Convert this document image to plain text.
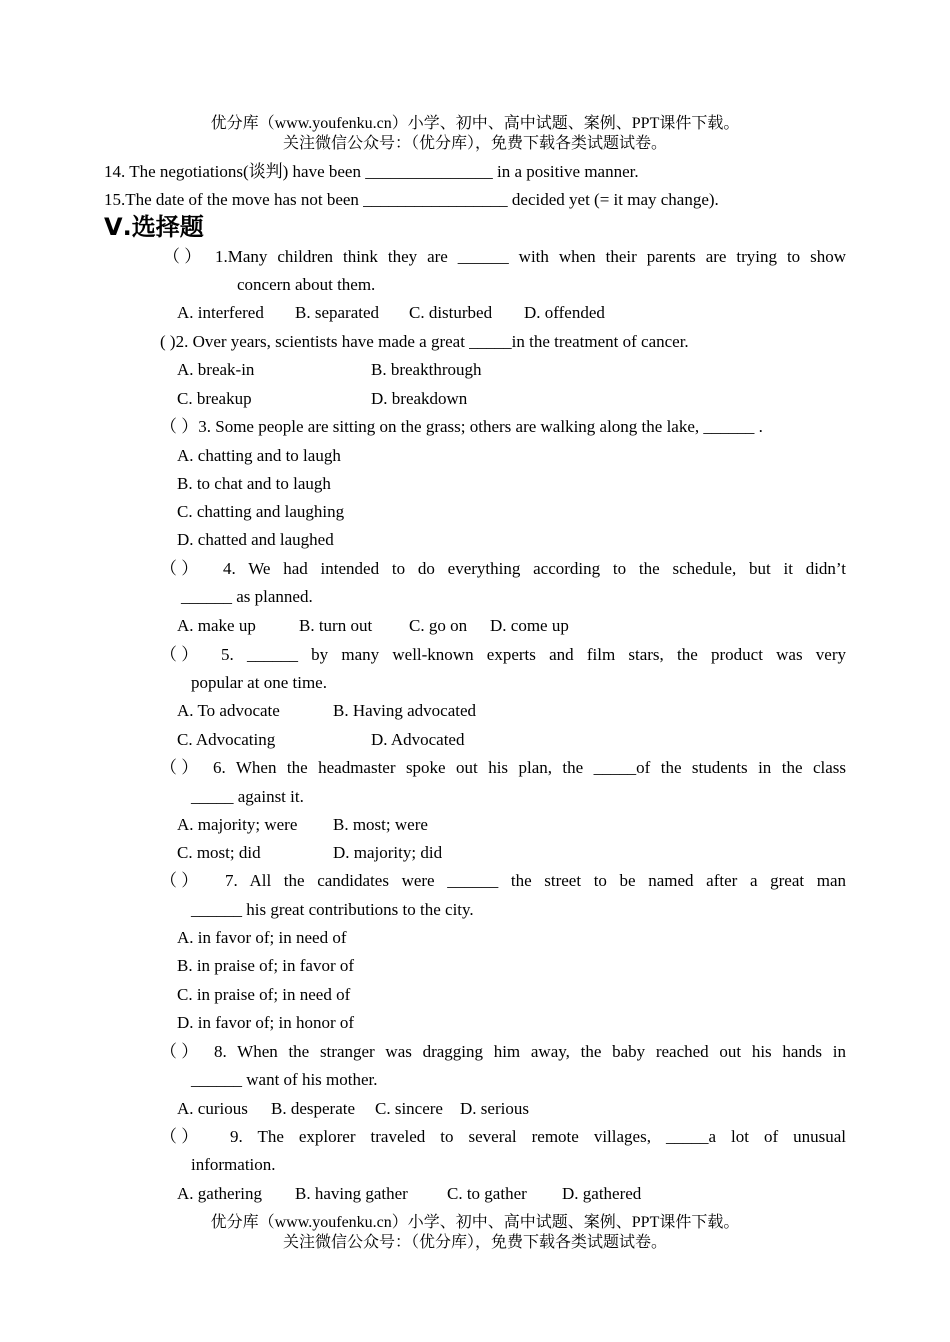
优分库（www.youfenku.cn）小学、初中、高中试题、案例、PPT课件下载。
关注微信公众号：（优分库），免费下载各类试题试卷。
14. The negotiations(谈判) have been _______________ in a positive manner.
15.The date of the move has not been _________________ decided yet (= it may change).
Ⅴ.选择题
（ ） 1.Many children think they are ______ with when their parents are trying to show
concern about them.
A. interfered B. separated C. disturbed D. offended
( )2. Over years, scientists have made a great _____in the treatment of cancer.
A. break-in	B. breakthrough
C. breakup	D. breakdown
（ ）3. Some people are sitting on the grass; others are walking along the lake, ______ .
A. chatting and to laugh
B. to chat and to laugh
C. chatting and laughing
D. chatted and laughed
（ ） 4. We had intended to do everything according to the schedule, but it didn’t
______ as planned.
A. make up	B. turn out C. go on D. come up
（ ） 5. ______ by many well-known experts and film stars, the product was very
popular at one time.
A. To advocate	B. Having advocated
C. Advocating	D. Advocated
（ ） 6. When the headmaster spoke out his plan, the _____of the students in the class
_____ against it.
A. majority; were B. most; were
C. most; did	D. majority; did
（ ） 7. All the candidates were ______ the street to be named after a great man
______ his great contributions to the city.
A. in favor of; in need of
B. in praise of; in favor of
C. in praise of; in need of
D. in favor of; in honor of
（ ） 8. When the stranger was dragging him away, the baby reached out his hands in
______ want of his mother.
A. curious B. desperate C. sincere D. serious
（ ） 9. The explorer traveled to several remote villages, _____a lot of unusual
information.
A. gathering B. having gather C. to gather D. gathered
优分库（www.youfenku.cn）小学、初中、高中试题、案例、PPT课件下载。
关注微信公众号：（优分库），免费下载各类试题试卷。
